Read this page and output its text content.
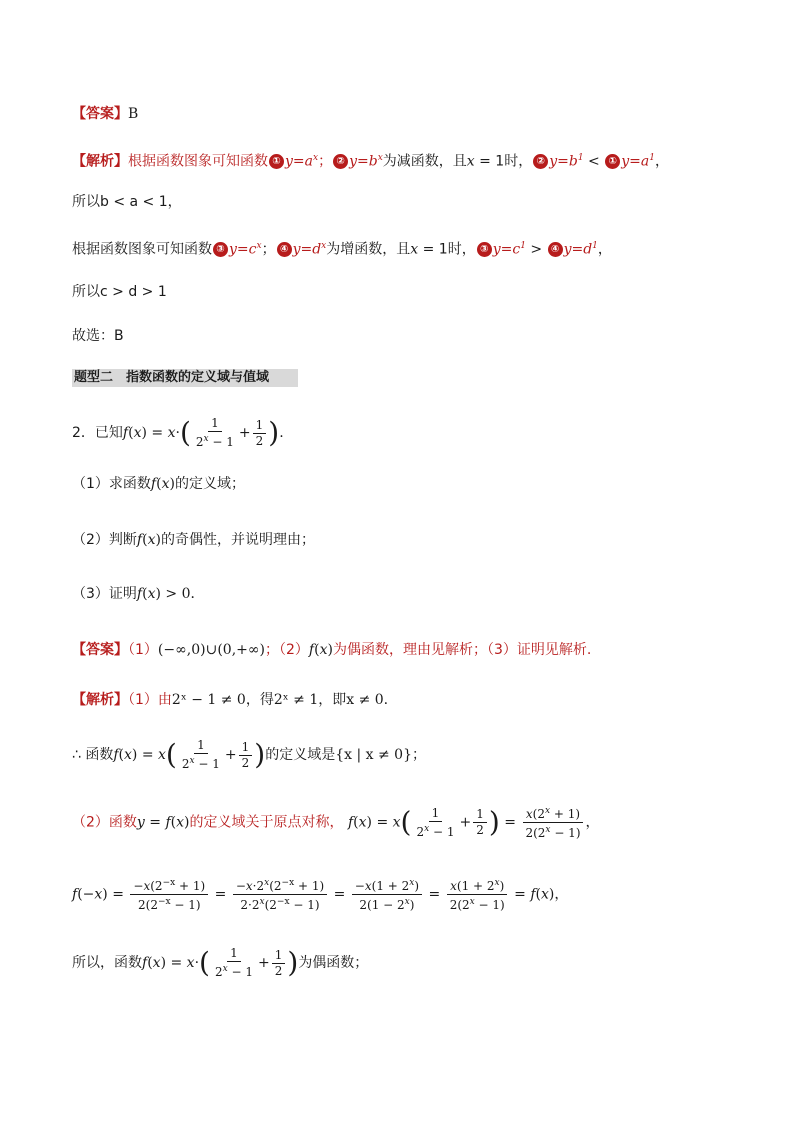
【答案】B
【解析】根据函数图象可知函数 ① $y=a^x$； ② $y=b^x$为减函数，且x = 1时， ② $y=b^1$ < ① $y=a^1$，
所以b < a < 1，
根据函数图象可知函数 ③ $y=c^x$； ④ $y=d^x$为增函数，且x = 1时， ③ $y=c^1$ > ④ $y=d^1$，
所以c > d > 1
故选：B
题型二　指数函数的定义域与值域
2．已知$f(x) = x\cdot( \frac{1}{2^x - 1} + \frac{1}{2}$ ).
（1）求函数f(x)的定义域；
（2）判断f(x)的奇偶性，并说明理由；
（3）证明f(x) > 0．
【答案】（1）(−∞,0)∪(0,+∞)；（2）f(x)为偶函数，理由见解析；（3）证明见解析.
【解析】（1）由2ˣ − 1 ≠ 0，得2ˣ ≠ 1，即x ≠ 0.
∴ 函数$f(x) = x( \frac{1}{2^x - 1} + \frac{1}{2}$ )的定义域是{x | x ≠ 0}；
（2）函数y = f(x)的定义域关于原点对称， $f(x) = x( \frac{1}{2^x - 1} + \frac{1}{2}$ ) = $\frac{x(2^x + 1)}{2(2^x - 1)}$ ，
$f(-x) = \frac{-x(2^{-x} + 1)}{2(2^{-x} - 1)} = \frac{-x\cdot 2^x(2^{-x} + 1)}{2\cdot 2^x(2^{-x} - 1)} = \frac{-x(1 + 2^x)}{2(1 - 2^x)} = \frac{x(1 + 2^x)}{2(2^x - 1)} = f(x)$，
所以，函数$f(x) = x\cdot( \frac{1}{2^x - 1} + \frac{1}{2}$ )为偶函数；
